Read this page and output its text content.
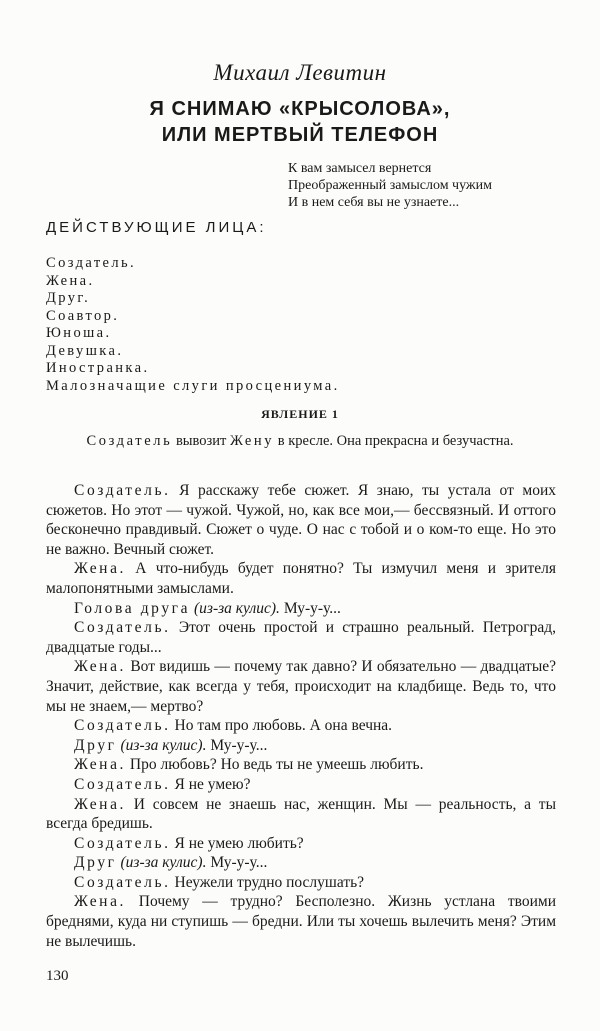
Михаил Левитин
Я СНИМАЮ «КРЫСОЛОВА»,
ИЛИ МЕРТВЫЙ ТЕЛЕФОН
К вам замысел вернется
Преображенный замыслом чужим
И в нем себя вы не узнаете...
ДЕЙСТВУЮЩИЕ ЛИЦА:
Создатель.
Жена.
Друг.
Соавтор.
Юноша.
Девушка.
Иностранка.
Малозначащие слуги просцениума.
ЯВЛЕНИЕ 1
Создатель вывозит Жену в кресле. Она прекрасна и безучастна.
Создатель. Я расскажу тебе сюжет. Я знаю, ты устала от моих сюжетов. Но этот — чужой. Чужой, но, как все мои,— бессвязный. И оттого бесконечно правдивый. Сюжет о чуде. О нас с тобой и о ком-то еще. Но это не важно. Вечный сюжет.
Жена. А что-нибудь будет понятно? Ты измучил меня и зрителя малопонятными замыслами.
Голова друга (из-за кулис). Му-у-у...
Создатель. Этот очень простой и страшно реальный. Петроград, двадцатые годы...
Жена. Вот видишь — почему так давно? И обязательно — двадцатые? Значит, действие, как всегда у тебя, происходит на кладбище. Ведь то, что мы не знаем,— мертво?
Создатель. Но там про любовь. А она вечна.
Друг (из-за кулис). Му-у-у...
Жена. Про любовь? Но ведь ты не умеешь любить.
Создатель. Я не умею?
Жена. И совсем не знаешь нас, женщин. Мы — реальность, а ты всегда бредишь.
Создатель. Я не умею любить?
Друг (из-за кулис). Му-у-у...
Создатель. Неужели трудно послушать?
Жена. Почему — трудно? Бесполезно. Жизнь устлана твоими бреднями, куда ни ступишь — бредни. Или ты хочешь вылечить меня? Этим не вылечишь.
130
